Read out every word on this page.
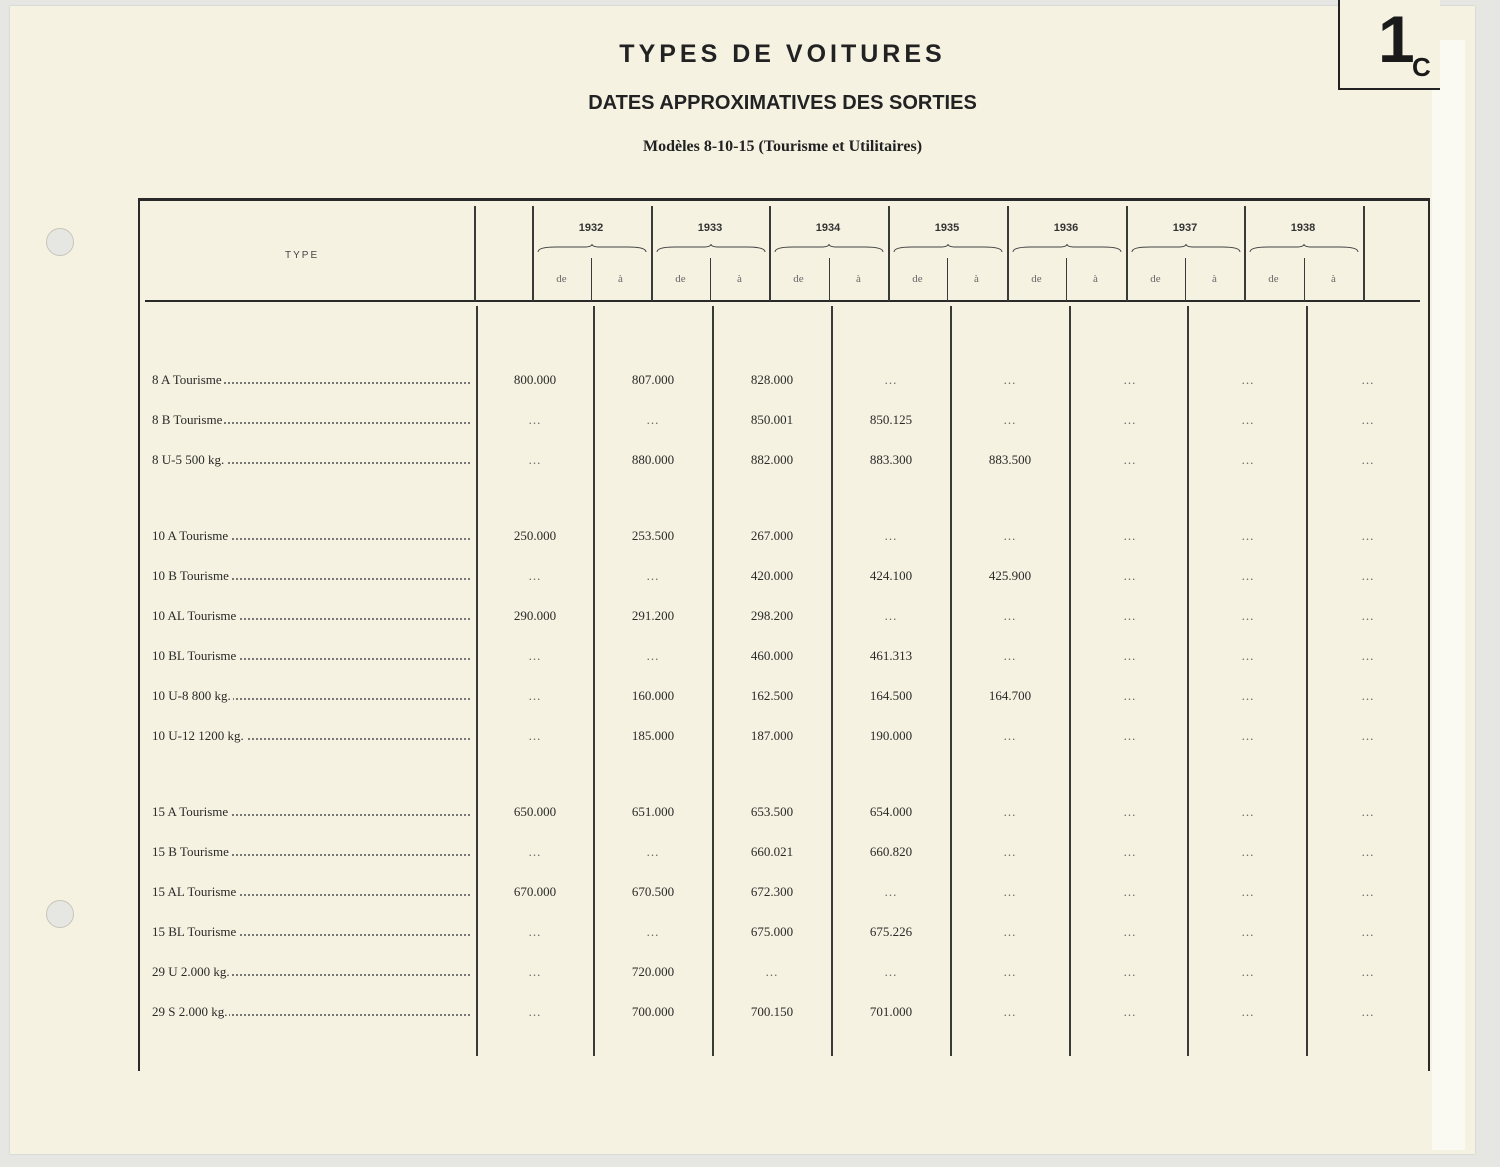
1
C
TYPES DE VOITURES
DATES APPROXIMATIVES DES SORTIES
Modèles 8-10-15 (Tourisme et Utilitaires)
TYPE
1932
de	à
1933
de	à
1934
de	à
1935
de	à
1936
de	à
1937
de	à
1938
de	à
8 A Tourisme	800.000	807.000	828.000	...	...	...	...	...
8 B Tourisme	...	...	850.001	850.125	...	...	...	...
8 U-5 500 kg.	...	880.000	882.000	883.300	883.500	...	...	...
10 A Tourisme	250.000	253.500	267.000	...	...	...	...	...
10 B Tourisme	...	...	420.000	424.100	425.900	...	...	...
10 AL Tourisme	290.000	291.200	298.200	...	...	...	...	...
10 BL Tourisme	...	...	460.000	461.313	...	...	...	...
10 U-8 800 kg.	...	160.000	162.500	164.500	164.700	...	...	...
10 U-12 1200 kg.	...	185.000	187.000	190.000	...	...	...	...
15 A Tourisme	650.000	651.000	653.500	654.000	...	...	...	...
15 B Tourisme	...	...	660.021	660.820	...	...	...	...
15 AL Tourisme	670.000	670.500	672.300	...	...	...	...	...
15 BL Tourisme	...	...	675.000	675.226	...	...	...	...
29 U 2.000 kg.	...	720.000	...	...	...	...	...	...
29 S 2.000 kg.	...	700.000	700.150	701.000	...	...	...	...
